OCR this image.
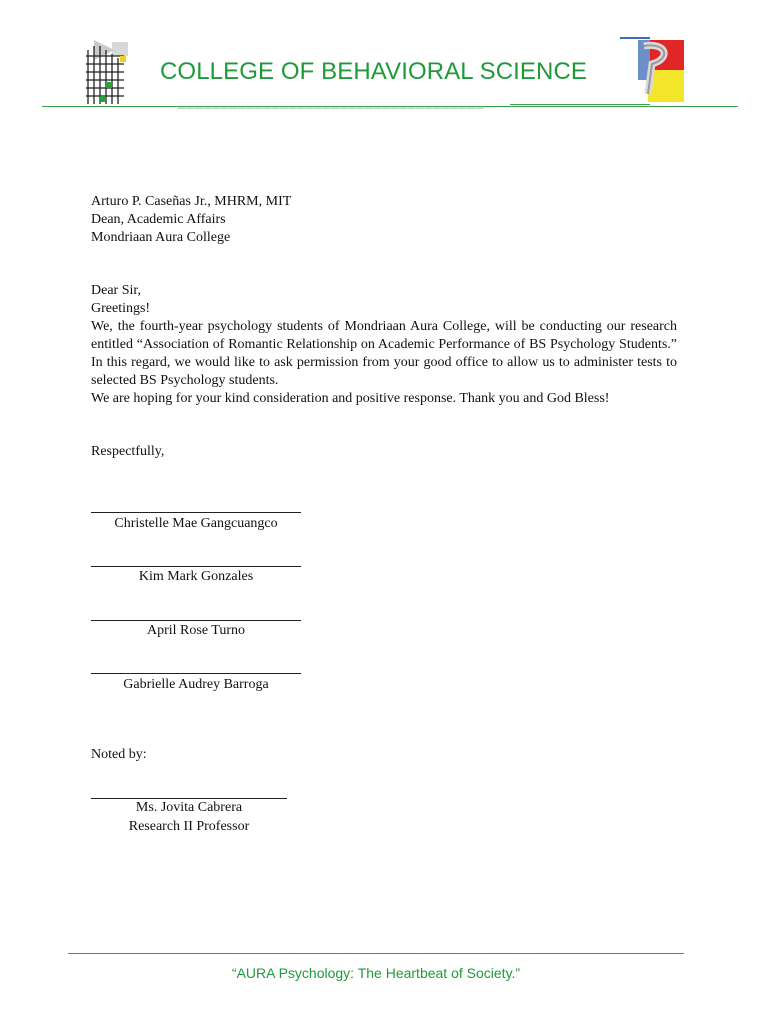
COLLEGE OF BEHAVIORAL SCIENCE
▬▬▬▬▬▬▬▬▬▬▬▬▬▬▬▬▬▬▬▬▬▬▬▬▬▬▬▬▬▬▬▬▬▬▬▬
Arturo P. Caseñas Jr., MHRM, MIT
Dean, Academic Affairs
Mondriaan Aura College
Dear Sir,
Greetings!
We, the fourth-year psychology students of Mondriaan Aura College, will be conducting our research entitled “Association of Romantic Relationship on Academic Performance of BS Psychology Students.” In this regard, we would like to ask permission from your good office to allow us to administer tests to selected BS Psychology students.
We are hoping for your kind consideration and positive response. Thank you and God Bless!
Respectfully,
Christelle Mae Gangcuangco
Kim Mark Gonzales
April Rose Turno
Gabrielle Audrey Barroga
Noted by:
Ms. Jovita Cabrera
Research II Professor
“AURA Psychology: The Heartbeat of Society.”
